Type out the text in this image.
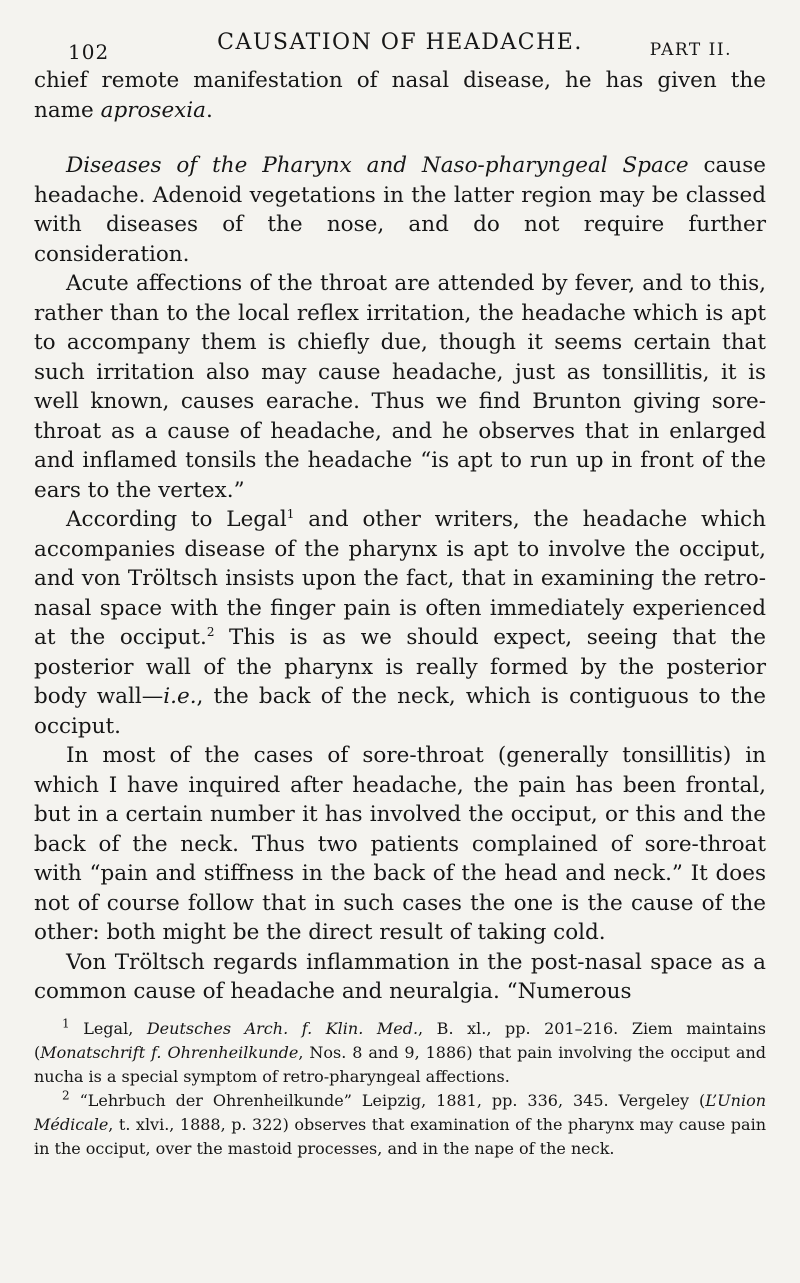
102	CAUSATION OF HEADACHE.	PART II.

chief remote manifestation of nasal disease, he has given the name aprosexia.

Diseases of the Pharynx and Naso-pharyngeal Space cause headache. Adenoid vegetations in the latter region may be classed with diseases of the nose, and do not require further consideration.

Acute affections of the throat are attended by fever, and to this, rather than to the local reflex irritation, the headache which is apt to accompany them is chiefly due, though it seems certain that such irritation also may cause headache, just as tonsillitis, it is well known, causes earache. Thus we find Brunton giving sore-throat as a cause of headache, and he observes that in enlarged and inflamed tonsils the headache “is apt to run up in front of the ears to the vertex.”

According to Legal$^1$ and other writers, the headache which accompanies disease of the pharynx is apt to involve the occiput, and von Tröltsch insists upon the fact, that in examining the retro-nasal space with the finger pain is often immediately experienced at the occiput.$^2$ This is as we should expect, seeing that the posterior wall of the pharynx is really formed by the posterior body wall—i.e., the back of the neck, which is contiguous to the occiput.

In most of the cases of sore-throat (generally tonsillitis) in which I have inquired after headache, the pain has been frontal, but in a certain number it has involved the occiput, or this and the back of the neck. Thus two patients complained of sore-throat with “pain and stiffness in the back of the head and neck.” It does not of course follow that in such cases the one is the cause of the other: both might be the direct result of taking cold.

Von Tröltsch regards inflammation in the post-nasal space as a common cause of headache and neuralgia. “Numerous

$^1$ Legal, Deutsches Arch. f. Klin. Med., B. xl., pp. 201–216. Ziem maintains (Monatschrift f. Ohrenheilkunde, Nos. 8 and 9, 1886) that pain involving the occiput and nucha is a special symptom of retro-pharyngeal affections.

$^2$ “Lehrbuch der Ohrenheilkunde” Leipzig, 1881, pp. 336, 345. Vergeley (L’Union Médicale, t. xlvi., 1888, p. 322) observes that examination of the pharynx may cause pain in the occiput, over the mastoid processes, and in the nape of the neck.
